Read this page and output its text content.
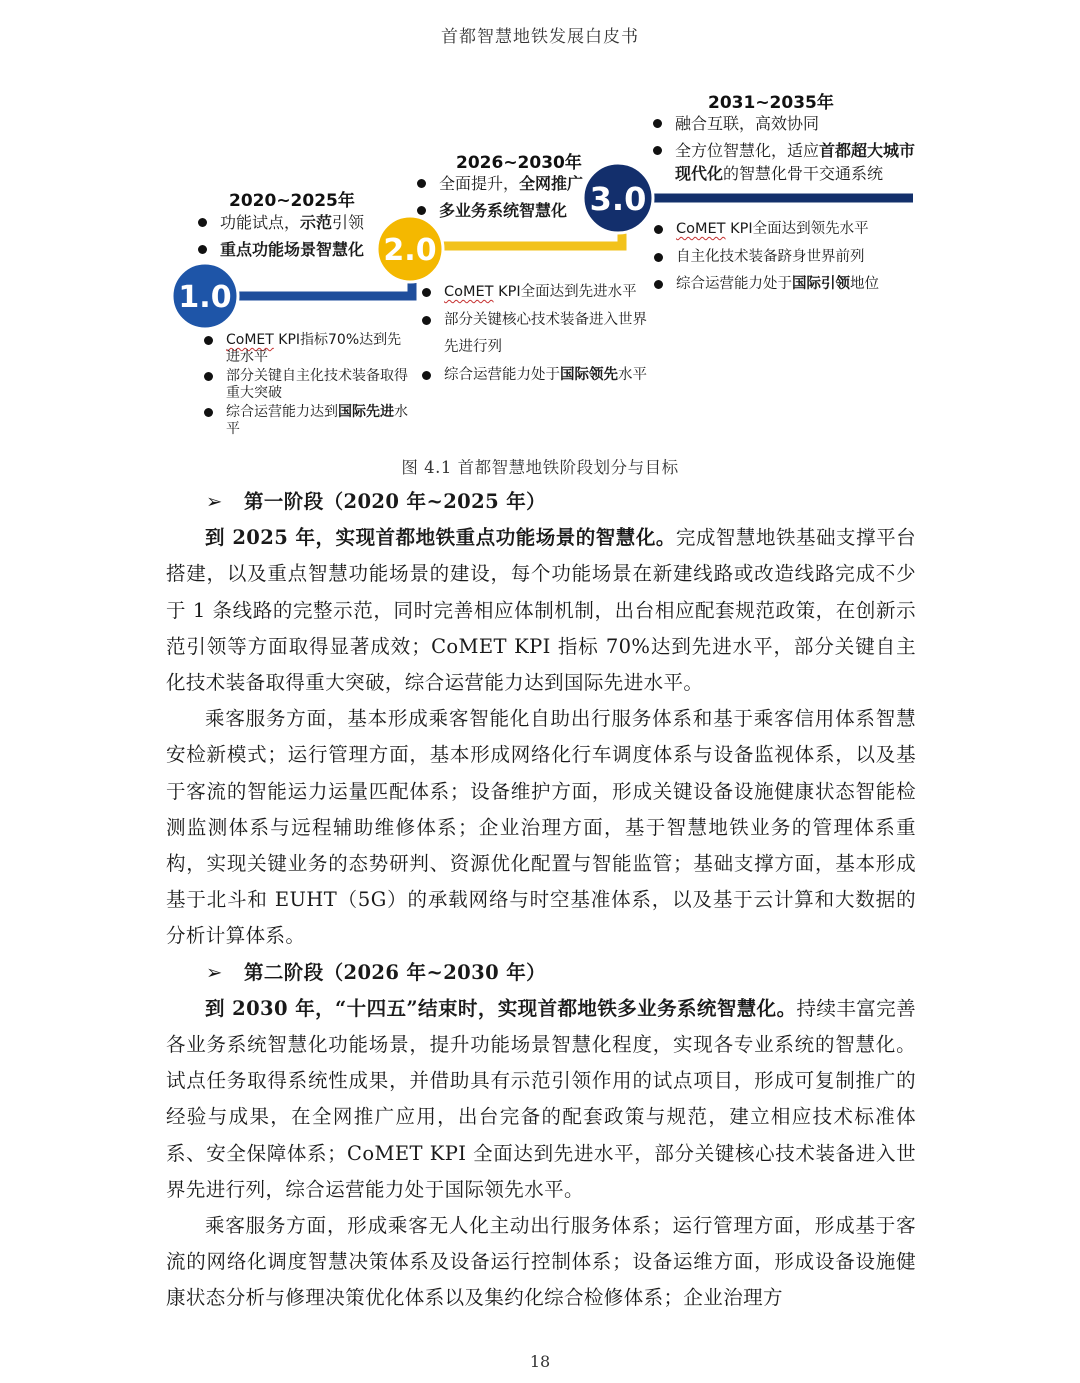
首都智慧地铁发展白皮书
1.0
2.0
3.0
2020~2025年
功能试点，示范引领
重点功能场景智慧化
CoMET KPI指标70%达到先进水平
部分关键自主化技术装备取得重大突破
综合运营能力达到国际先进水平
2026~2030年
全面提升，全网推广
多业务系统智慧化
CoMET KPI全面达到先进水平
部分关键核心技术装备进入世界先进行列
综合运营能力处于国际领先水平
2031~2035年
融合互联，高效协同
全方位智慧化，适应首都超大城市现代化的智慧化骨干交通系统
CoMET KPI全面达到领先水平
自主化技术装备跻身世界前列
综合运营能力处于国际引领地位
图 4.1 首都智慧地铁阶段划分与目标

➢ 第一阶段（2020 年~2025 年）

到 2025 年，实现首都地铁重点功能场景的智慧化。完成智慧地铁基础支撑平台搭建，以及重点智慧功能场景的建设，每个功能场景在新建线路或改造线路完成不少于 1 条线路的完整示范，同时完善相应体制机制，出台相应配套规范政策，在创新示范引领等方面取得显著成效；CoMET KPI 指标 70%达到先进水平，部分关键自主化技术装备取得重大突破，综合运营能力达到国际先进水平。

乘客服务方面，基本形成乘客智能化自助出行服务体系和基于乘客信用体系智慧安检新模式；运行管理方面，基本形成网络化行车调度体系与设备监视体系，以及基于客流的智能运力运量匹配体系；设备维护方面，形成关键设备设施健康状态智能检测监测体系与远程辅助维修体系；企业治理方面，基于智慧地铁业务的管理体系重构，实现关键业务的态势研判、资源优化配置与智能监管；基础支撑方面，基本形成基于北斗和 EUHT（5G）的承载网络与时空基准体系，以及基于云计算和大数据的分析计算体系。

➢ 第二阶段（2026 年~2030 年）

到 2030 年，“十四五”结束时，实现首都地铁多业务系统智慧化。持续丰富完善各业务系统智慧化功能场景，提升功能场景智慧化程度，实现各专业系统的智慧化。试点任务取得系统性成果，并借助具有示范引领作用的试点项目，形成可复制推广的经验与成果，在全网推广应用，出台完备的配套政策与规范，建立相应技术标准体系、安全保障体系；CoMET KPI 全面达到先进水平，部分关键核心技术装备进入世界先进行列，综合运营能力处于国际领先水平。

乘客服务方面，形成乘客无人化主动出行服务体系；运行管理方面，形成基于客流的网络化调度智慧决策体系及设备运行控制体系；设备运维方面，形成设备设施健康状态分析与修理决策优化体系以及集约化综合检修体系；企业治理方

18
